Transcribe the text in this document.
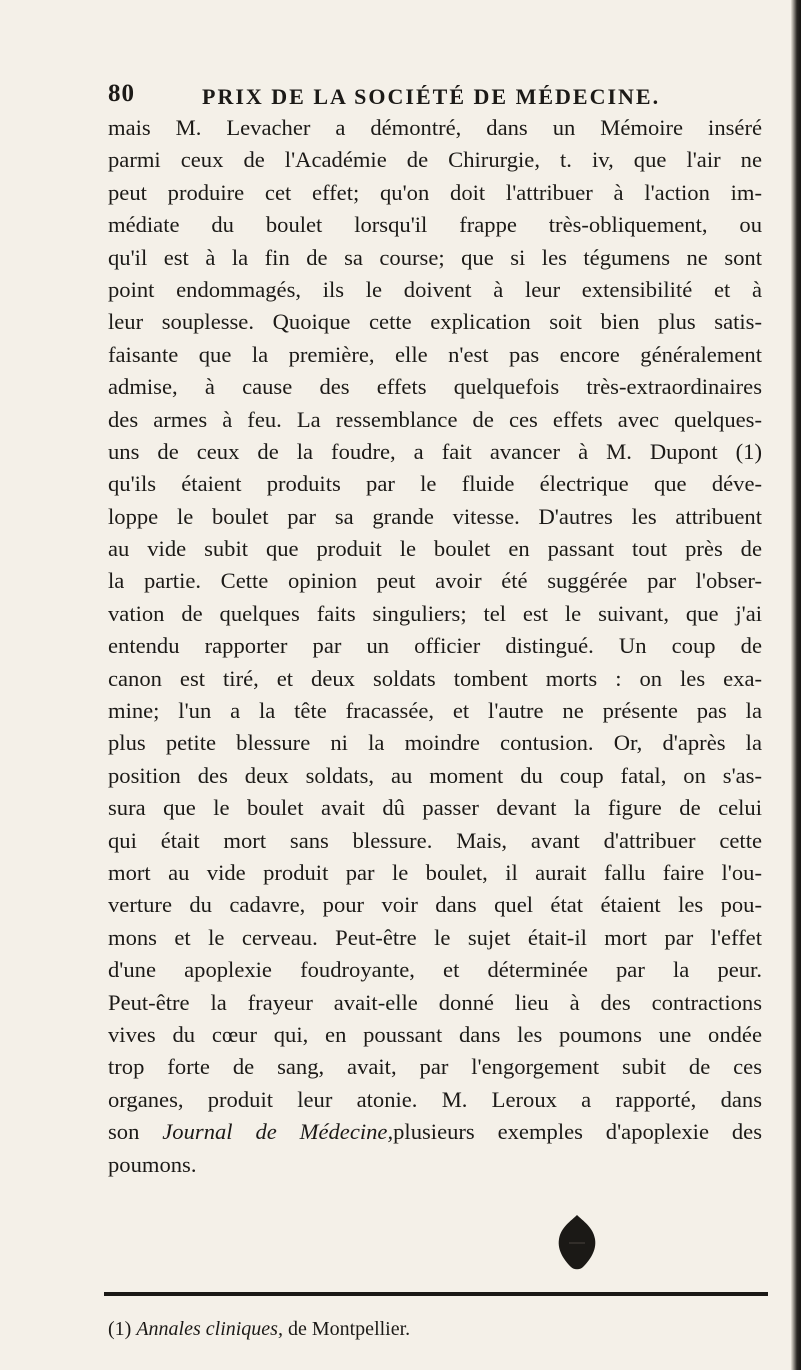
80	PRIX DE LA SOCIÉTÉ DE MÉDECINE.
mais M. Levacher a démontré, dans un Mémoire inséré
parmi ceux de l'Académie de Chirurgie, t. iv, que l'air ne
peut produire cet effet; qu'on doit l'attribuer à l'action im-
médiate du boulet lorsqu'il frappe très-obliquement, ou
qu'il est à la fin de sa course; que si les tégumens ne sont
point endommagés, ils le doivent à leur extensibilité et à
leur souplesse. Quoique cette explication soit bien plus satis-
faisante que la première, elle n'est pas encore généralement
admise, à cause des effets quelquefois très-extraordinaires
des armes à feu. La ressemblance de ces effets avec quelques-
uns de ceux de la foudre, a fait avancer à M. Dupont (1)
qu'ils étaient produits par le fluide électrique que déve-
loppe le boulet par sa grande vitesse. D'autres les attribuent
au vide subit que produit le boulet en passant tout près de
la partie. Cette opinion peut avoir été suggérée par l'obser-
vation de quelques faits singuliers; tel est le suivant, que j'ai
entendu rapporter par un officier distingué. Un coup de
canon est tiré, et deux soldats tombent morts : on les exa-
mine; l'un a la tête fracassée, et l'autre ne présente pas la
plus petite blessure ni la moindre contusion. Or, d'après la
position des deux soldats, au moment du coup fatal, on s'as-
sura que le boulet avait dû passer devant la figure de celui
qui était mort sans blessure. Mais, avant d'attribuer cette
mort au vide produit par le boulet, il aurait fallu faire l'ou-
verture du cadavre, pour voir dans quel état étaient les pou-
mons et le cerveau. Peut-être le sujet était-il mort par l'effet
d'une apoplexie foudroyante, et déterminée par la peur.
Peut-être la frayeur avait-elle donné lieu à des contractions
vives du cœur qui, en poussant dans les poumons une ondée
trop forte de sang, avait, par l'engorgement subit de ces
organes, produit leur atonie. M. Leroux a rapporté, dans
son Journal de Médecine,plusieurs exemples d'apoplexie des
poumons.
(1) Annales cliniques, de Montpellier.
